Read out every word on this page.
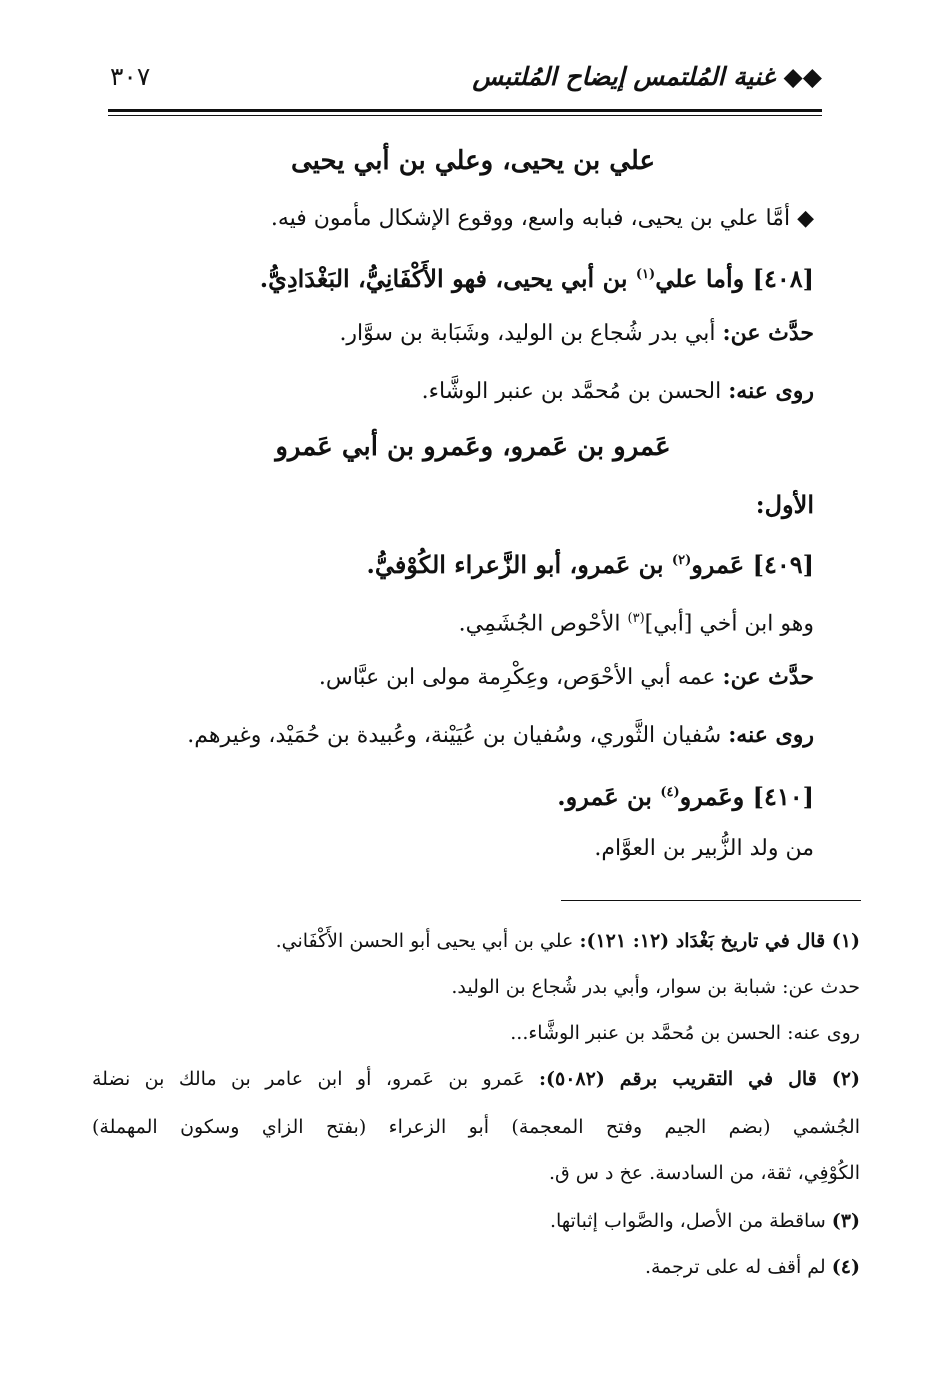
◆◆ غنية المُلتمس إيضاح المُلتبس
٣٠٧
علي بن يحيى، وعلي بن أبي يحيى
◆ أمَّا علي بن يحيى، فبابه واسع، ووقوع الإشكال مأمون فيه.
[٤٠٨] وأما علي$^{(١)}$ بن أبي يحيى، فهو الأَكْفَانِيُّ، البَغْدَادِيُّ.
حدَّث عن: أبي بدر شُجاع بن الوليد، وشَبَابة بن سوَّار.
روى عنه: الحسن بن مُحمَّد بن عنبر الوشَّاء.
عَمرو بن عَمرو، وعَمرو بن أبي عَمرو
الأول:
[٤٠٩] عَمرو$^{(٢)}$ بن عَمرو، أبو الزَّعراء الكُوْفيُّ.
وهو ابن أخي [أبي]$^{(٣)}$ الأحْوص الجُشَمِي.
حدَّث عن: عمه أبي الأحْوَص، وعِكْرِمة مولى ابن عبَّاس.
روى عنه: سُفيان الثَّوري، وسُفيان بن عُيَيْنة، وعُبيدة بن حُمَيْد، وغيرهم.
[٤١٠] وعَمرو$^{(٤)}$ بن عَمرو.
من ولد الزُّبير بن العوَّام.
(١) قال في تاريخ بَغْدَاد (١٢: ١٢١): علي بن أبي يحيى أبو الحسن الأَكْفَاني.
حدث عن: شبابة بن سوار، وأبي بدر شُجاع بن الوليد.
روى عنه: الحسن بن مُحمَّد بن عنبر الوشَّاء...
(٢) قال في التقريب برقم (٥٠٨٢): عَمرو بن عَمرو، أو ابن عامر بن مالك بن نضلة
الجُشمي (بضم الجيم وفتح المعجمة) أبو الزعراء (بفتح الزاي وسكون المهملة)
الكُوْفِي، ثقة، من السادسة. عخ د س ق.
(٣) ساقطة من الأصل، والصَّواب إثباتها.
(٤) لم أقف له على ترجمة.
